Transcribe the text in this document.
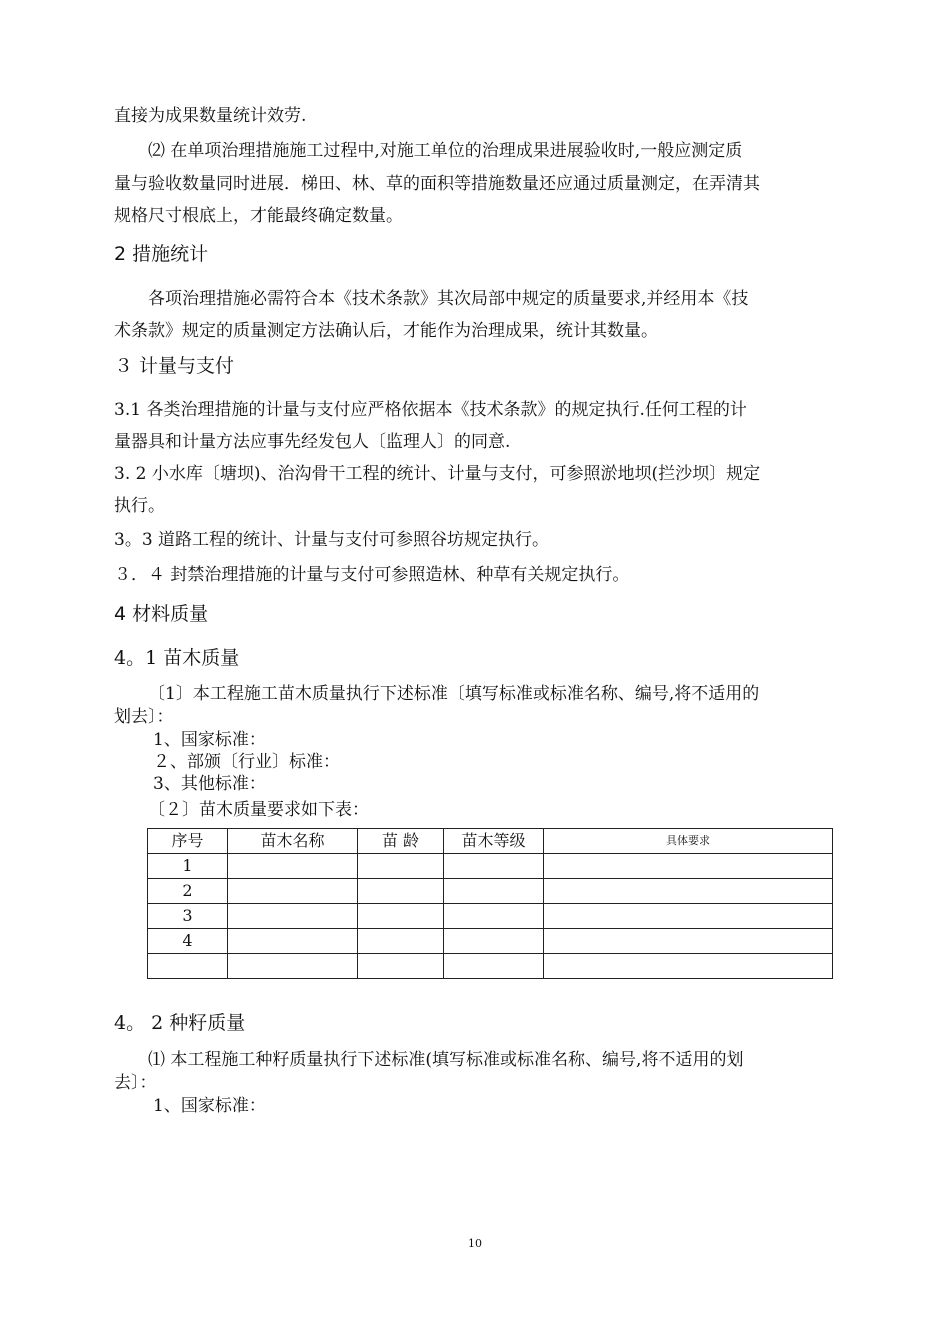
直接为成果数量统计效劳.
⑵ 在单项治理措施施工过程中,对施工单位的治理成果进展验收时,一般应测定质
量与验收数量同时进展．梯田、林、草的面积等措施数量还应通过质量测定，在弄清其
规格尺寸根底上，才能最终确定数量。
2 措施统计
各项治理措施必需符合本《技术条款》其次局部中规定的质量要求,并经用本《技
术条款》规定的质量测定方法确认后，才能作为治理成果，统计其数量。
３ 计量与支付
3.1 各类治理措施的计量与支付应严格依据本《技术条款》的规定执行.任何工程的计
量器具和计量方法应事先经发包人〔监理人〕的同意.
3. 2 小水库〔塘坝)、治沟骨干工程的统计、计量与支付，可参照淤地坝(拦沙坝〕规定
执行。
3。3 道路工程的统计、计量与支付可参照谷坊规定执行。
３．４ 封禁治理措施的计量与支付可参照造林、种草有关规定执行。
4 材料质量
4。1 苗木质量
〔1〕本工程施工苗木质量执行下述标准〔填写标准或标准名称、编号,将不适用的
划去〕：
1、国家标准：
２、部颁〔行业〕标准：
3、其他标准：
〔２〕苗木质量要求如下表：
序号	苗木名称	苗 龄	苗木等级	具体要求
1				
2				
3				
4				

4。 2 种籽质量
⑴ 本工程施工种籽质量执行下述标准(填写标准或标准名称、编号,将不适用的划
去〕：
1、国家标准：
10
